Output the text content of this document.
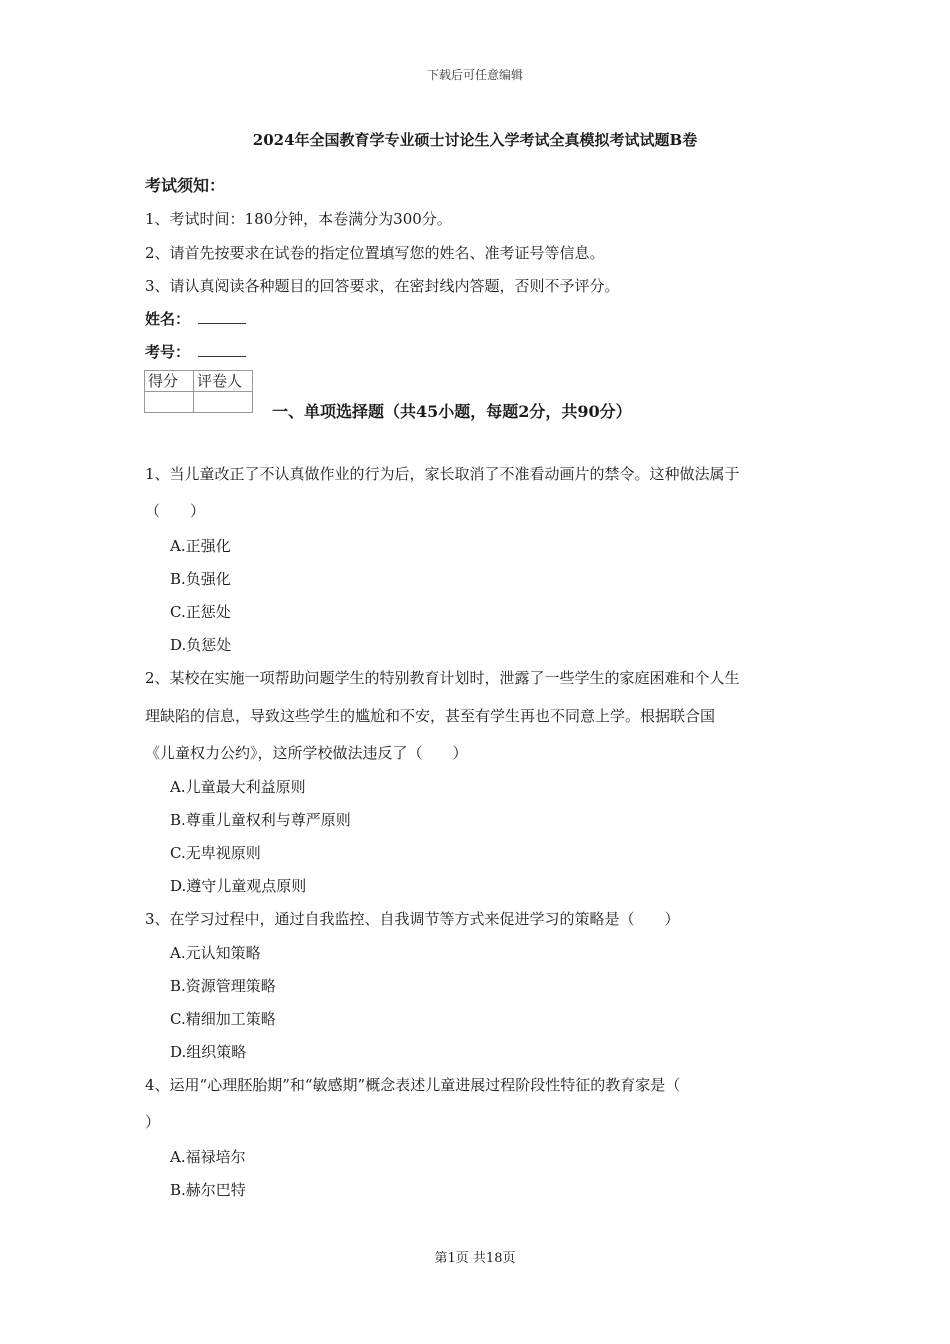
下载后可任意编辑
2024年全国教育学专业硕士讨论生入学考试全真模拟考试试题B卷
考试须知：
1、考试时间：180分钟，本卷满分为300分。
2、请首先按要求在试卷的指定位置填写您的姓名、准考证号等信息。
3、请认真阅读各种题目的回答要求，在密封线内答题，否则不予评分。
姓名：
考号：
得分	评卷人

一、单项选择题（共45小题，每题2分，共90分）
1、当儿童改正了不认真做作业的行为后，家长取消了不准看动画片的禁令。这种做法属于
（　　）
A.正强化
B.负强化
C.正惩处
D.负惩处
2、某校在实施一项帮助问题学生的特别教育计划时，泄露了一些学生的家庭困难和个人生
理缺陷的信息，导致这些学生的尴尬和不安，甚至有学生再也不同意上学。根据联合国
《儿童权力公约》，这所学校做法违反了（　　）
A.儿童最大利益原则
B.尊重儿童权利与尊严原则
C.无卑视原则
D.遵守儿童观点原则
3、在学习过程中，通过自我监控、自我调节等方式来促进学习的策略是（　　）
A.元认知策略
B.资源管理策略
C.精细加工策略
D.组织策略
4、运用“心理胚胎期”和“敏感期”概念表述儿童进展过程阶段性特征的教育家是（
）
A.福禄培尔
B.赫尔巴特
第1页 共18页
